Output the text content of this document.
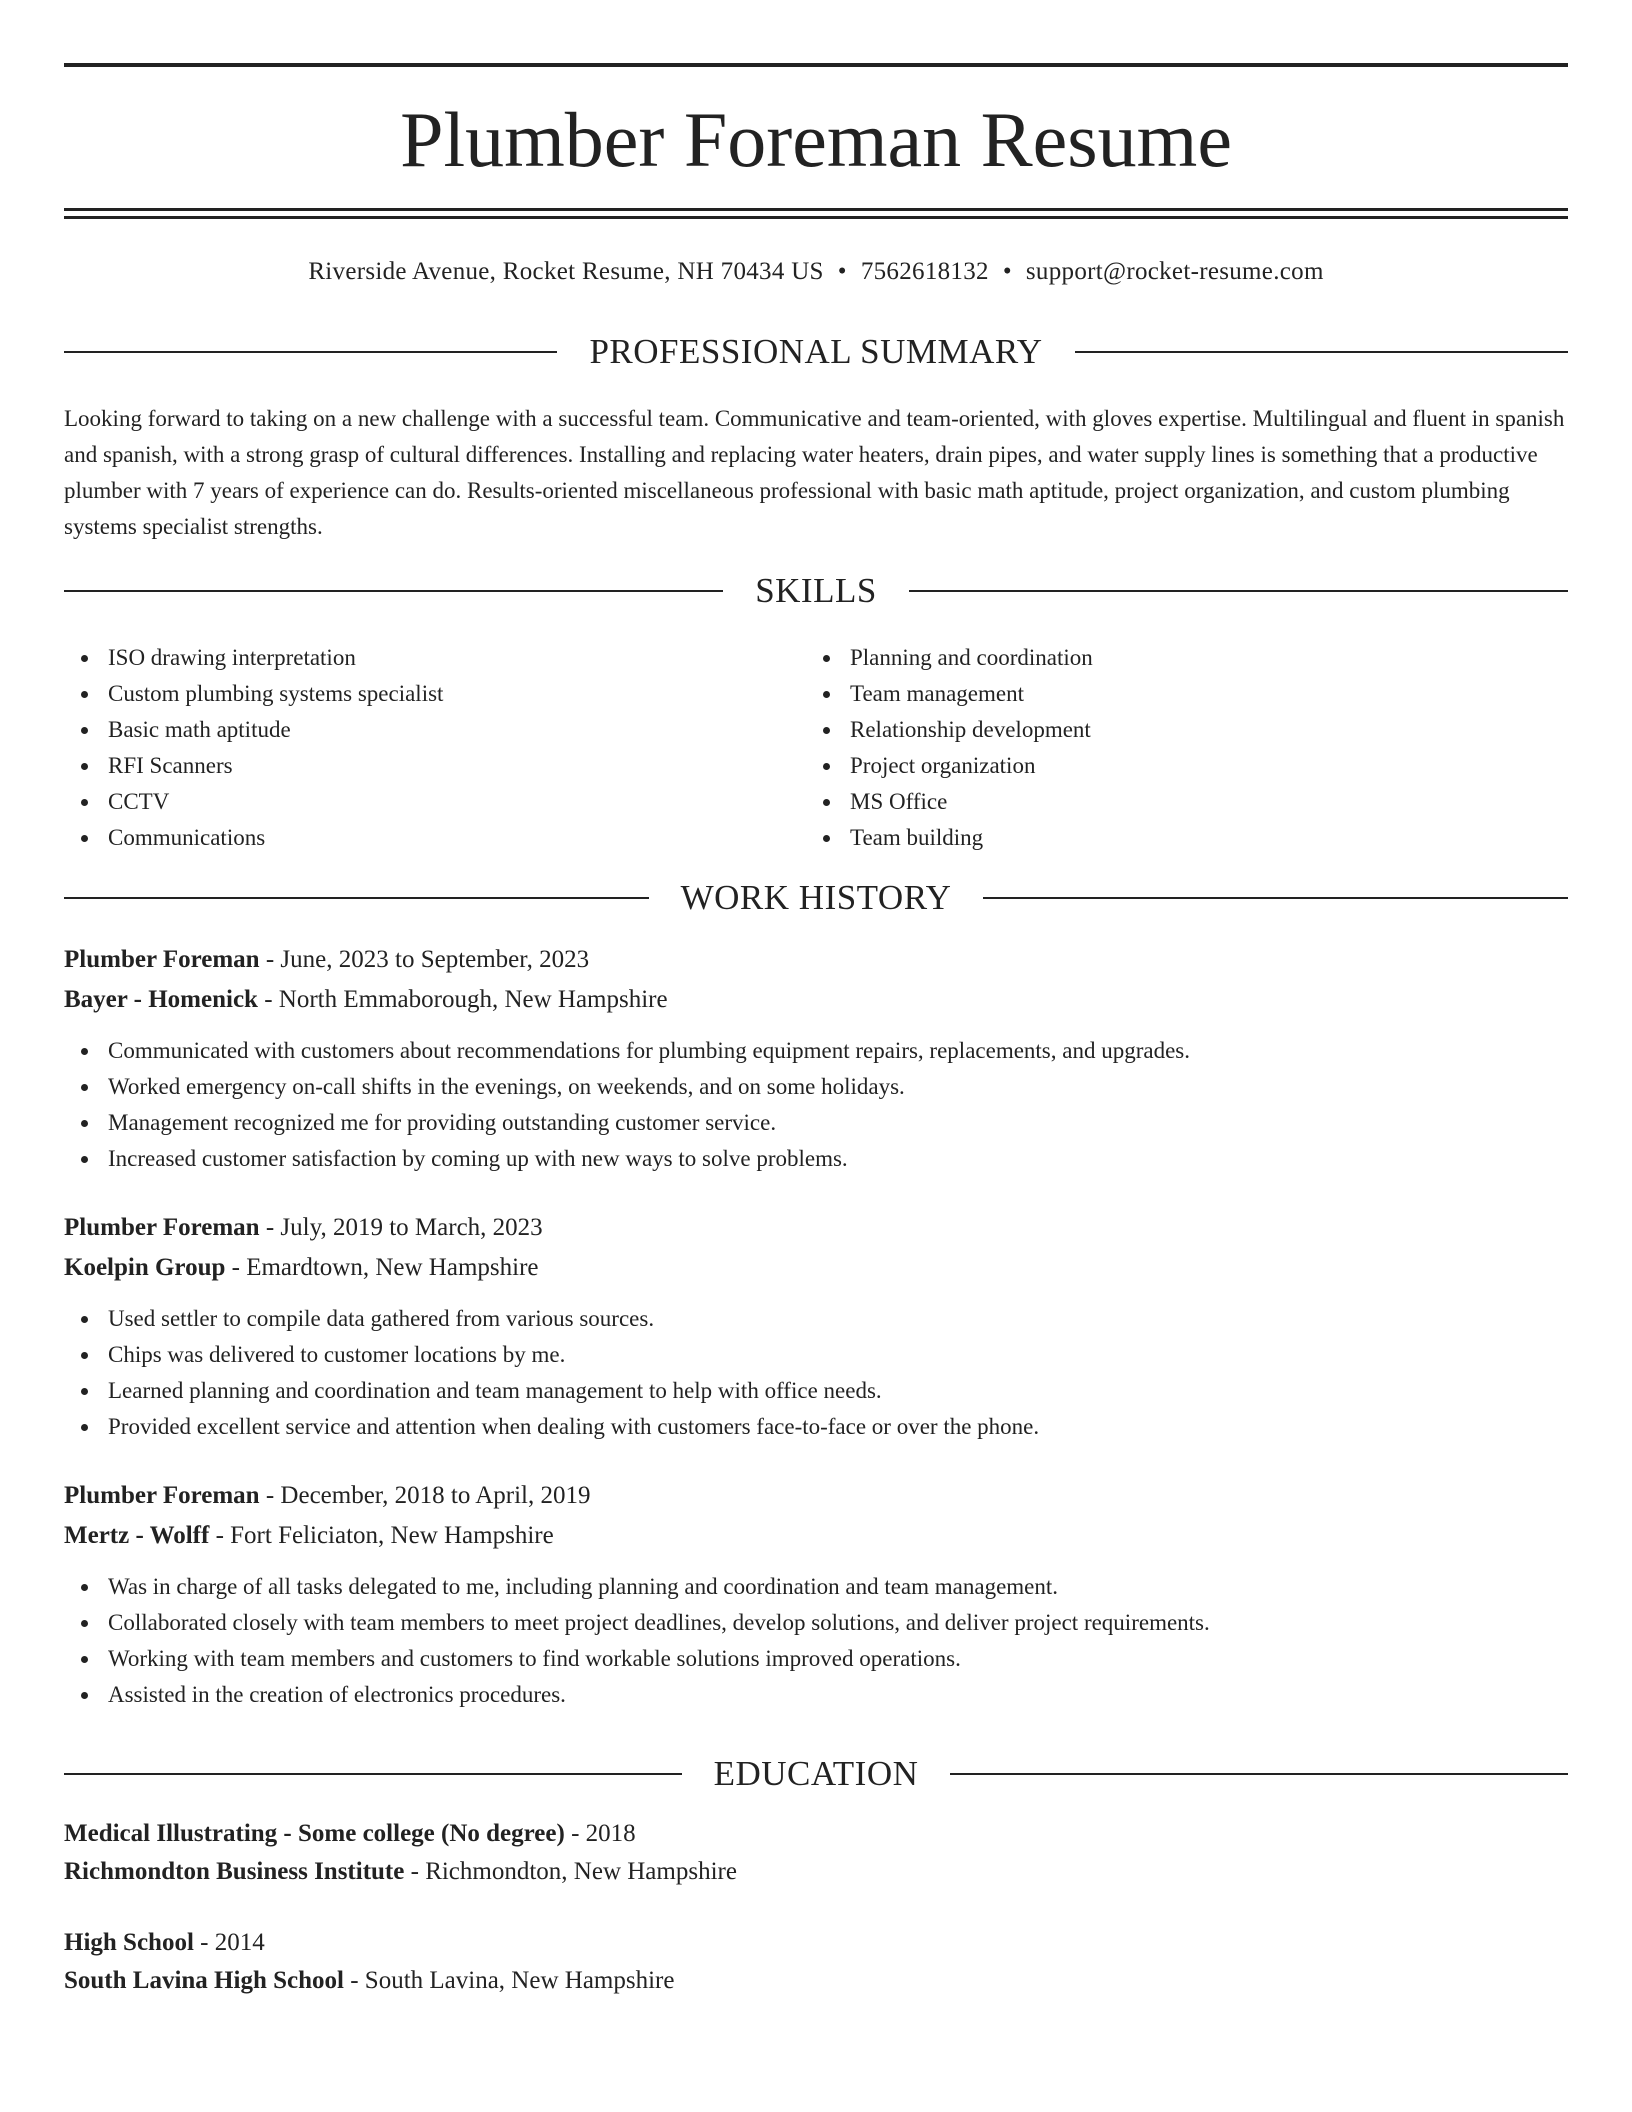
Plumber Foreman Resume
Riverside Avenue, Rocket Resume, NH 70434 US • 7562618132 • support@rocket-resume.com
PROFESSIONAL SUMMARY

Looking forward to taking on a new challenge with a successful team. Communicative and team-oriented, with gloves expertise. Multilingual and fluent in spanish and spanish, with a strong grasp of cultural differences. Installing and replacing water heaters, drain pipes, and water supply lines is something that a productive plumber with 7 years of experience can do. Results-oriented miscellaneous professional with basic math aptitude, project organization, and custom plumbing systems specialist strengths.

SKILLS
ISO drawing interpretation
Custom plumbing systems specialist
Basic math aptitude
RFI Scanners
CCTV
Communications
Planning and coordination
Team management
Relationship development
Project organization
MS Office
Team building
WORK HISTORY
Plumber Foreman - June, 2023 to September, 2023
Bayer - Homenick - North Emmaborough, New Hampshire
Communicated with customers about recommendations for plumbing equipment repairs, replacements, and upgrades.
Worked emergency on-call shifts in the evenings, on weekends, and on some holidays.
Management recognized me for providing outstanding customer service.
Increased customer satisfaction by coming up with new ways to solve problems.
Plumber Foreman - July, 2019 to March, 2023
Koelpin Group - Emardtown, New Hampshire
Used settler to compile data gathered from various sources.
Chips was delivered to customer locations by me.
Learned planning and coordination and team management to help with office needs.
Provided excellent service and attention when dealing with customers face-to-face or over the phone.
Plumber Foreman - December, 2018 to April, 2019
Mertz - Wolff - Fort Feliciaton, New Hampshire
Was in charge of all tasks delegated to me, including planning and coordination and team management.
Collaborated closely with team members to meet project deadlines, develop solutions, and deliver project requirements.
Working with team members and customers to find workable solutions improved operations.
Assisted in the creation of electronics procedures.
EDUCATION
Medical Illustrating - Some college (No degree) - 2018
Richmondton Business Institute - Richmondton, New Hampshire
High School - 2014
South Lavina High School - South Lavina, New Hampshire
